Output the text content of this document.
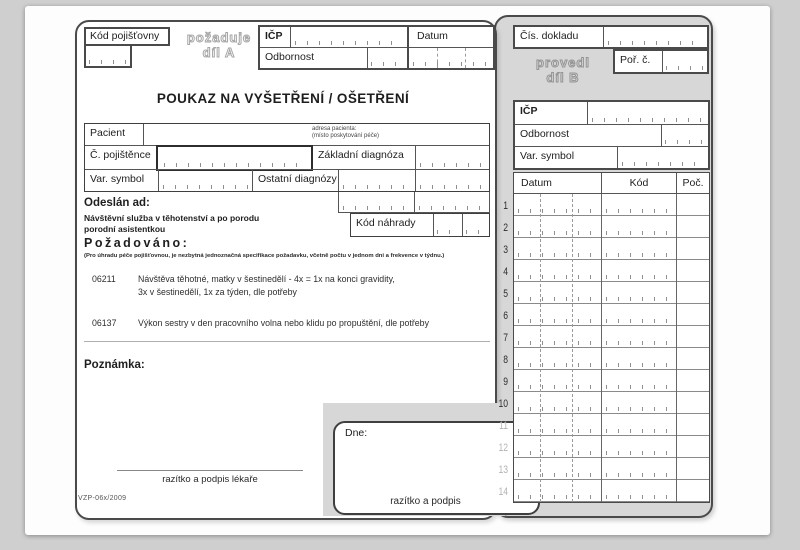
Kód pojišťovny	požaduje
díl A
IČP
Odbornost
Datum
POUKAZ NA VYŠETŘENÍ / OŠETŘENÍ
Pacient	adresa pacienta:
(místo poskytování péče)
Č. pojištěnce	Základní diagnóza
Var. symbol	Ostatní diagnózy
Odeslán ad:
Návštěvní služba v těhotenství a po porodu
porodní asistentkou	Kód náhrady
Požadováno:
(Pro úhradu péče pojišťovnou, je nezbytná jednoznačná specifikace požadavku, včetně počtu v jednom dni a frekvence v týdnu.)
06211	Návštěva těhotné, matky v šestinedělí - 4x = 1x na konci gravidity,
3x v šestinedělí, 1x za týden, dle potřeby
06137 Výkon sestry v den pracovního volna nebo klidu po propuštění, dle potřeby
Poznámka:
razítko a podpis lékaře
VZP-06x/2009
Dne:
razítko a podpis
Čís. dokladu
provedl
díl B
Poř. č.
IČP
Odbornost
Var. symbol
Datum	Kód	Poč.
1
2
3
4
5
6
7
8
9
10
11
12
13
14
